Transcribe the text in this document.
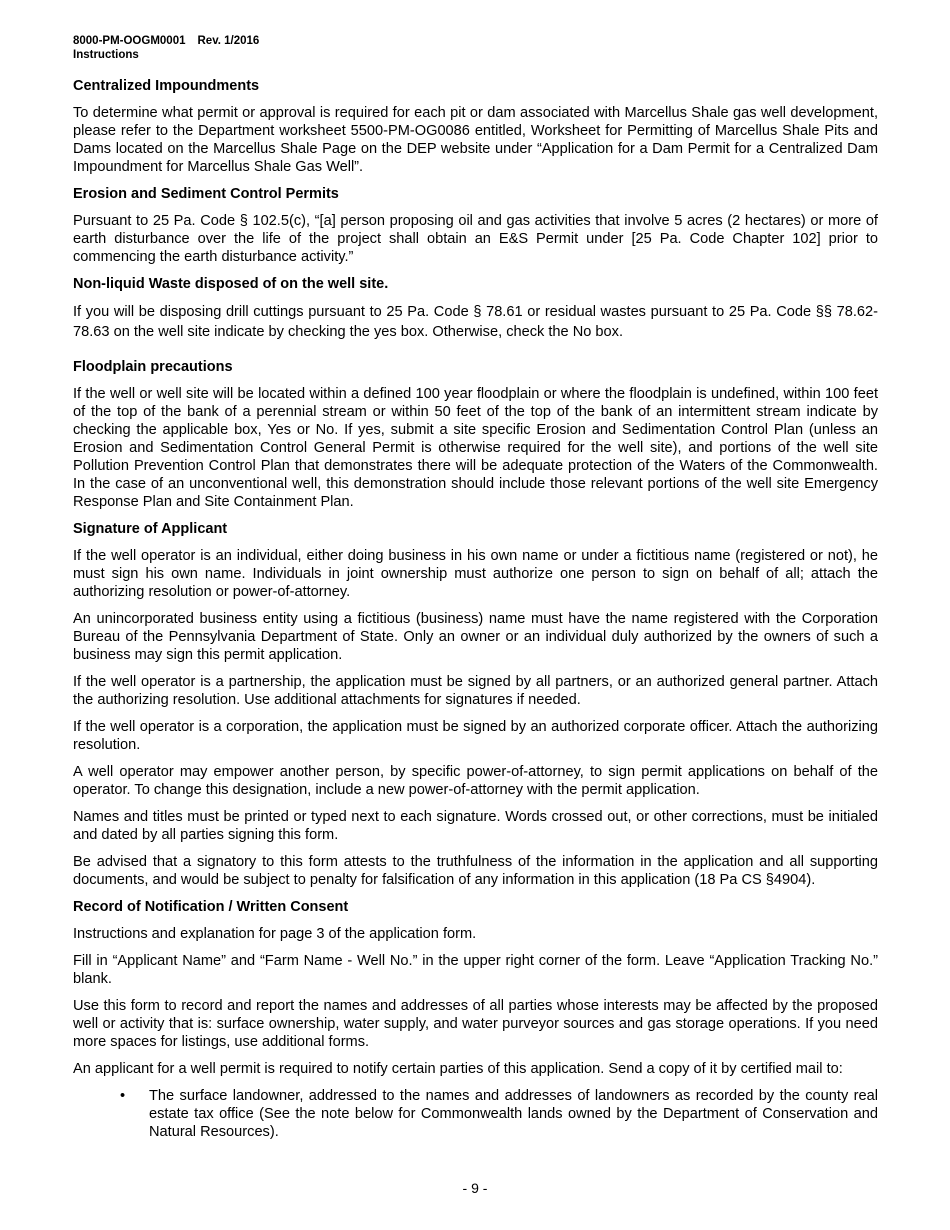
8000-PM-OOGM0001 Rev. 1/2016
Instructions
Centralized Impoundments

To determine what permit or approval is required for each pit or dam associated with Marcellus Shale gas well development, please refer to the Department worksheet 5500-PM-OG0086 entitled, Worksheet for Permitting of Marcellus Shale Pits and Dams located on the Marcellus Shale Page on the DEP website under “Application for a Dam Permit for a Centralized Dam Impoundment for Marcellus Shale Gas Well”.

Erosion and Sediment Control Permits

Pursuant to 25 Pa. Code § 102.5(c), “[a] person proposing oil and gas activities that involve 5 acres (2 hectares) or more of earth disturbance over the life of the project shall obtain an E&S Permit under [25 Pa. Code Chapter 102] prior to commencing the earth disturbance activity.”

Non-liquid Waste disposed of on the well site.

If you will be disposing drill cuttings pursuant to 25 Pa. Code § 78.61 or residual wastes pursuant to 25 Pa. Code §§ 78.62-78.63 on the well site indicate by checking the yes box. Otherwise, check the No box.

Floodplain precautions

If the well or well site will be located within a defined 100 year floodplain or where the floodplain is undefined, within 100 feet of the top of the bank of a perennial stream or within 50 feet of the top of the bank of an intermittent stream indicate by checking the applicable box, Yes or No. If yes, submit a site specific Erosion and Sedimentation Control Plan (unless an Erosion and Sedimentation Control General Permit is otherwise required for the well site), and portions of the well site Pollution Prevention Control Plan that demonstrates there will be adequate protection of the Waters of the Commonwealth. In the case of an unconventional well, this demonstration should include those relevant portions of the well site Emergency Response Plan and Site Containment Plan.

Signature of Applicant

If the well operator is an individual, either doing business in his own name or under a fictitious name (registered or not), he must sign his own name. Individuals in joint ownership must authorize one person to sign on behalf of all; attach the authorizing resolution or power-of-attorney.

An unincorporated business entity using a fictitious (business) name must have the name registered with the Corporation Bureau of the Pennsylvania Department of State. Only an owner or an individual duly authorized by the owners of such a business may sign this permit application.

If the well operator is a partnership, the application must be signed by all partners, or an authorized general partner. Attach the authorizing resolution. Use additional attachments for signatures if needed.

If the well operator is a corporation, the application must be signed by an authorized corporate officer. Attach the authorizing resolution.

A well operator may empower another person, by specific power-of-attorney, to sign permit applications on behalf of the operator. To change this designation, include a new power-of-attorney with the permit application.

Names and titles must be printed or typed next to each signature. Words crossed out, or other corrections, must be initialed and dated by all parties signing this form.

Be advised that a signatory to this form attests to the truthfulness of the information in the application and all supporting documents, and would be subject to penalty for falsification of any information in this application (18 Pa CS §4904).

Record of Notification / Written Consent

Instructions and explanation for page 3 of the application form.

Fill in “Applicant Name” and “Farm Name - Well No.” in the upper right corner of the form. Leave “Application Tracking No.” blank.

Use this form to record and report the names and addresses of all parties whose interests may be affected by the proposed well or activity that is: surface ownership, water supply, and water purveyor sources and gas storage operations. If you need more spaces for listings, use additional forms.

An applicant for a well permit is required to notify certain parties of this application. Send a copy of it by certified mail to:

• The surface landowner, addressed to the names and addresses of landowners as recorded by the county real estate tax office (See the note below for Commonwealth lands owned by the Department of Conservation and Natural Resources).
- 9 -
